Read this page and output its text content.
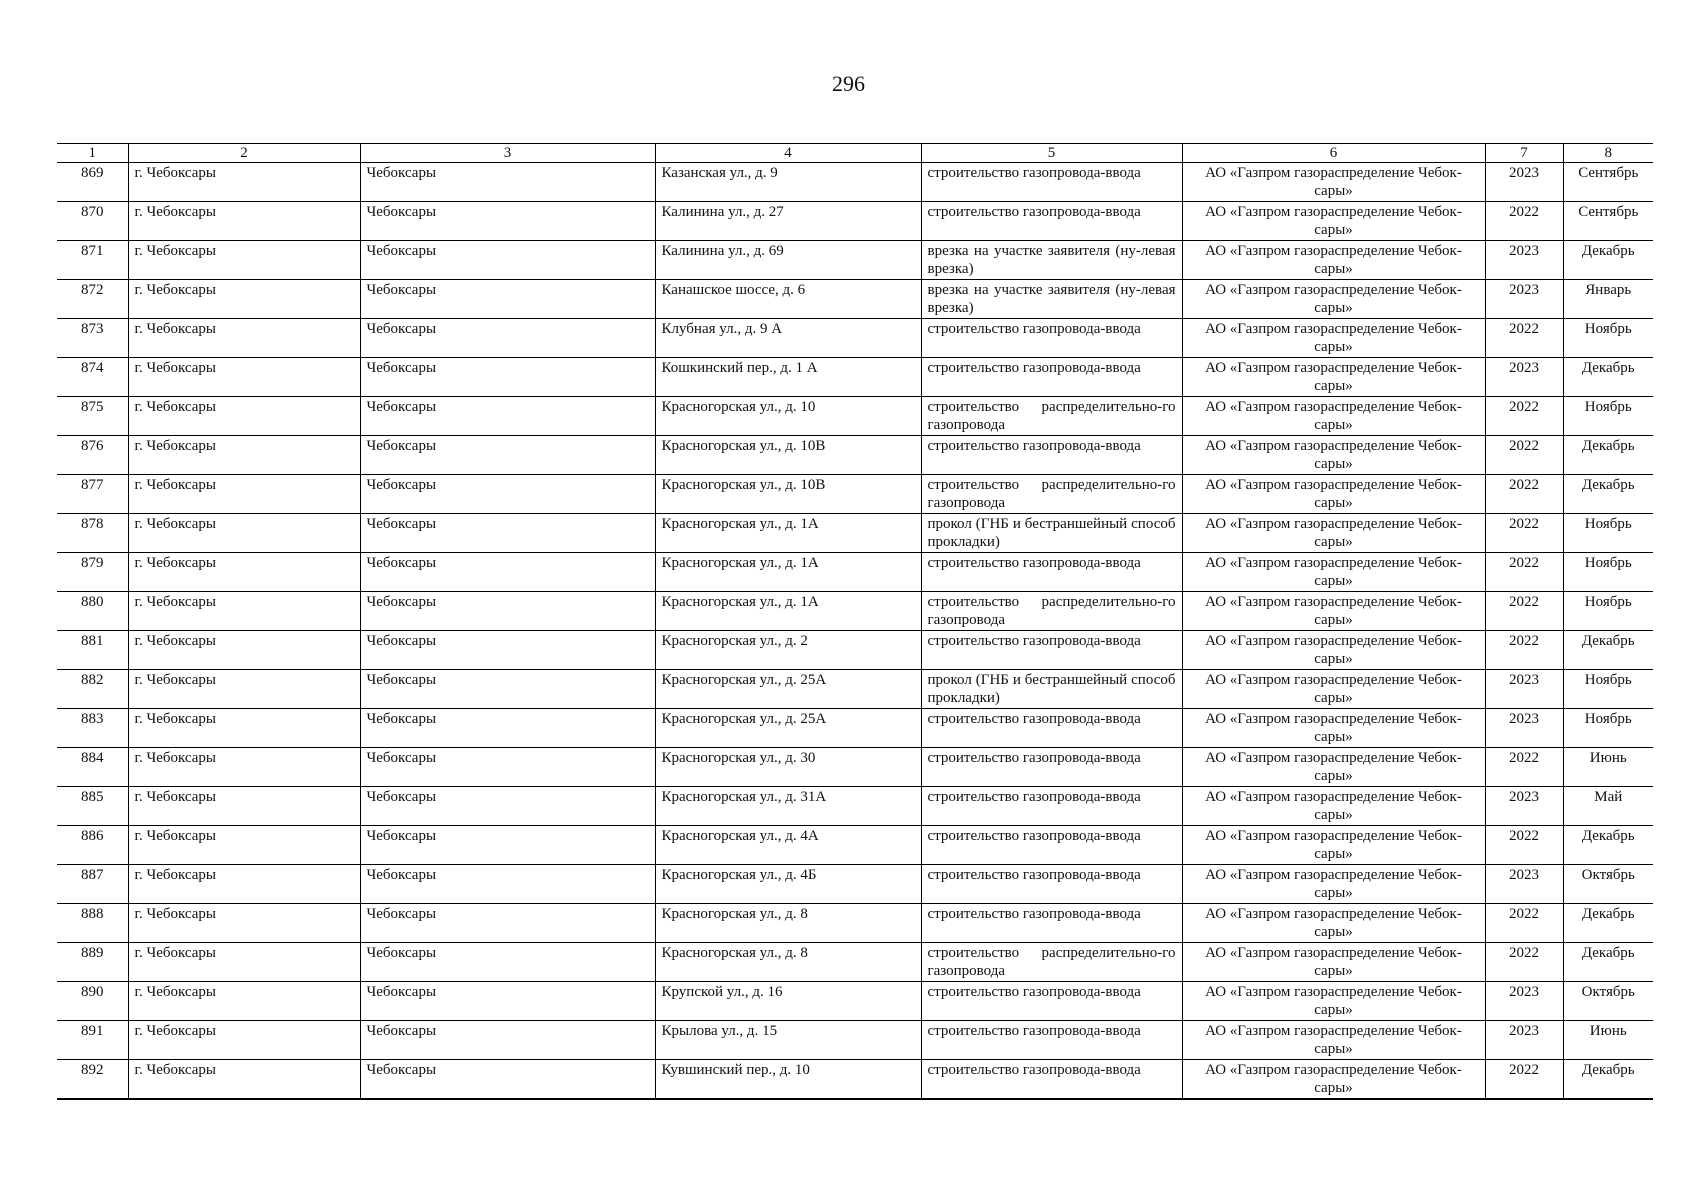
296
1	2	3	4	5	6	7	8
869	г. Чебоксары	Чебоксары	Казанская ул., д. 9	строительство газопровода-ввода	АО «Газпром газораспределение Чебок-сары»	2023	Сентябрь
870	г. Чебоксары	Чебоксары	Калинина ул., д. 27	строительство газопровода-ввода	АО «Газпром газораспределение Чебок-сары»	2022	Сентябрь
871	г. Чебоксары	Чебоксары	Калинина ул., д. 69	врезка на участке заявителя (ну-левая врезка)	АО «Газпром газораспределение Чебок-сары»	2023	Декабрь
872	г. Чебоксары	Чебоксары	Канашское шоссе, д. 6	врезка на участке заявителя (ну-левая врезка)	АО «Газпром газораспределение Чебок-сары»	2023	Январь
873	г. Чебоксары	Чебоксары	Клубная ул., д. 9 А	строительство газопровода-ввода	АО «Газпром газораспределение Чебок-сары»	2022	Ноябрь
874	г. Чебоксары	Чебоксары	Кошкинский пер., д. 1 А	строительство газопровода-ввода	АО «Газпром газораспределение Чебок-сары»	2023	Декабрь
875	г. Чебоксары	Чебоксары	Красногорская ул., д. 10	строительство распределительно-го газопровода	АО «Газпром газораспределение Чебок-сары»	2022	Ноябрь
876	г. Чебоксары	Чебоксары	Красногорская ул., д. 10В	строительство газопровода-ввода	АО «Газпром газораспределение Чебок-сары»	2022	Декабрь
877	г. Чебоксары	Чебоксары	Красногорская ул., д. 10В	строительство распределительно-го газопровода	АО «Газпром газораспределение Чебок-сары»	2022	Декабрь
878	г. Чебоксары	Чебоксары	Красногорская ул., д. 1А	прокол (ГНБ и бестраншейный способ прокладки)	АО «Газпром газораспределение Чебок-сары»	2022	Ноябрь
879	г. Чебоксары	Чебоксары	Красногорская ул., д. 1А	строительство газопровода-ввода	АО «Газпром газораспределение Чебок-сары»	2022	Ноябрь
880	г. Чебоксары	Чебоксары	Красногорская ул., д. 1А	строительство распределительно-го газопровода	АО «Газпром газораспределение Чебок-сары»	2022	Ноябрь
881	г. Чебоксары	Чебоксары	Красногорская ул., д. 2	строительство газопровода-ввода	АО «Газпром газораспределение Чебок-сары»	2022	Декабрь
882	г. Чебоксары	Чебоксары	Красногорская ул., д. 25А	прокол (ГНБ и бестраншейный способ прокладки)	АО «Газпром газораспределение Чебок-сары»	2023	Ноябрь
883	г. Чебоксары	Чебоксары	Красногорская ул., д. 25А	строительство газопровода-ввода	АО «Газпром газораспределение Чебок-сары»	2023	Ноябрь
884	г. Чебоксары	Чебоксары	Красногорская ул., д. 30	строительство газопровода-ввода	АО «Газпром газораспределение Чебок-сары»	2022	Июнь
885	г. Чебоксары	Чебоксары	Красногорская ул., д. 31А	строительство газопровода-ввода	АО «Газпром газораспределение Чебок-сары»	2023	Май
886	г. Чебоксары	Чебоксары	Красногорская ул., д. 4А	строительство газопровода-ввода	АО «Газпром газораспределение Чебок-сары»	2022	Декабрь
887	г. Чебоксары	Чебоксары	Красногорская ул., д. 4Б	строительство газопровода-ввода	АО «Газпром газораспределение Чебок-сары»	2023	Октябрь
888	г. Чебоксары	Чебоксары	Красногорская ул., д. 8	строительство газопровода-ввода	АО «Газпром газораспределение Чебок-сары»	2022	Декабрь
889	г. Чебоксары	Чебоксары	Красногорская ул., д. 8	строительство распределительно-го газопровода	АО «Газпром газораспределение Чебок-сары»	2022	Декабрь
890	г. Чебоксары	Чебоксары	Крупской ул., д. 16	строительство газопровода-ввода	АО «Газпром газораспределение Чебок-сары»	2023	Октябрь
891	г. Чебоксары	Чебоксары	Крылова ул., д. 15	строительство газопровода-ввода	АО «Газпром газораспределение Чебок-сары»	2023	Июнь
892	г. Чебоксары	Чебоксары	Кувшинский пер., д. 10	строительство газопровода-ввода	АО «Газпром газораспределение Чебок-сары»	2022	Декабрь
